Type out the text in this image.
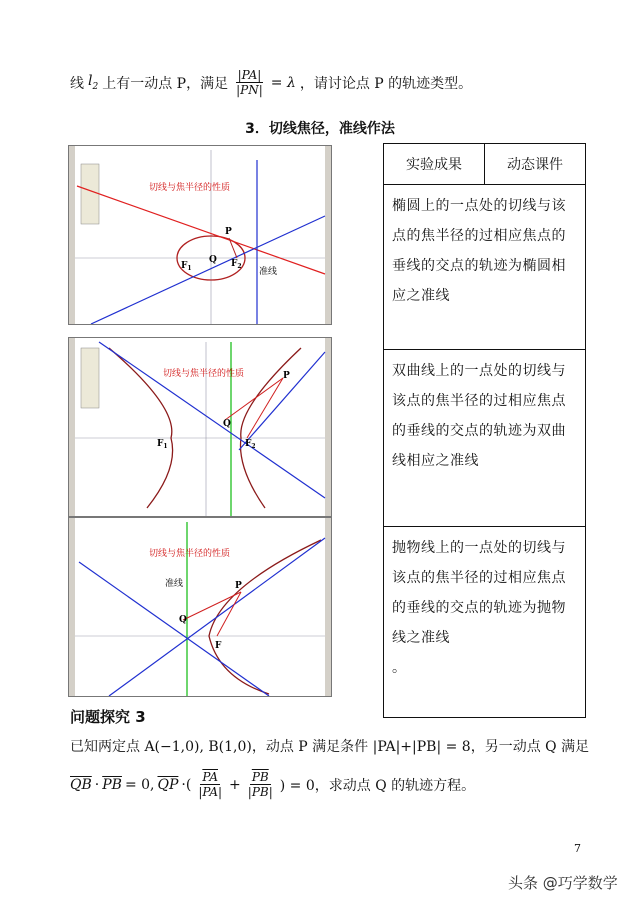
线 $l_2$ 上有一动点 P，满足 $\frac{|PA|}{|PN|} = \lambda$ ，请讨论点 P 的轨迹类型。
3．切线焦径，准线作法
切线与焦半径的性质
P
Q
$F_1$	$F_2$
准线
切线与焦半径的性质	P
Q
$F_1$	$F_2$
切线与焦半径的性质
准线	P
Q
F
实验成果	动态课件
椭圆上的一点处的切线与该点的焦半径的过相应焦点的垂线的交点的轨迹为椭圆相应之准线
双曲线上的一点处的切线与该点的焦半径的过相应焦点的垂线的交点的轨迹为双曲线相应之准线
抛物线上的一点处的切线与该点的焦半径的过相应焦点的垂线的交点的轨迹为抛物线之准线
。
问题探究 3
已知两定点 A(−1,0), B(1,0)，动点 P 满足条件 |PA|+|PB| = 8，另一动点 Q 满足
$\overline{QB} \cdot \overline{PB} = 0$, $\overline{QP}$ ·( $\frac{\overline{PA}}{|PA|} + \frac{\overline{PB}}{|PB|}$ ) = 0，求动点 Q 的轨迹方程。
7
头条 @巧学数学
